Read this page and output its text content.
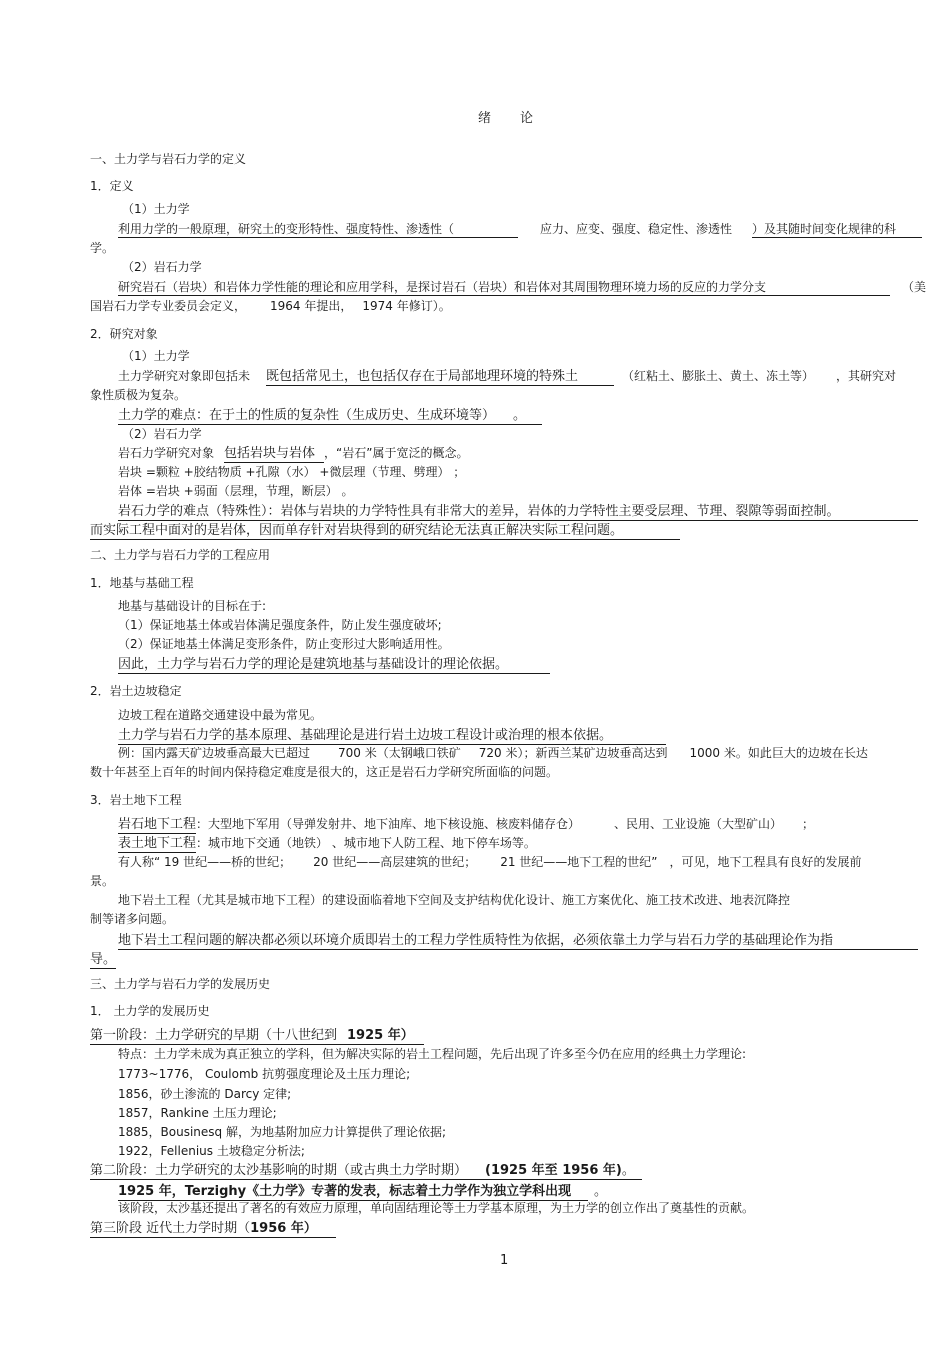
绪 论
一、土力学与岩石力学的定义
1．定义
（1）土力学
利用力学的一般原理，研究土的变形特性、强度特性、渗透性（	应力、应变、强度、稳定性、渗透性 ）及其随时间变化规律的科
学。
（2）岩石力学
研究岩石（岩块）和岩体力学性能的理论和应用学科，是探讨岩石（岩块）和岩体对其周围物理环境力场的反应的力学分支	（美
国岩石力学专业委员会定义， 1964 年提出， 1974 年修订）。
2．研究对象
（1）土力学
土力学研究对象即包括未 既包括常见土，也包括仅存在于局部地理环境的特殊土	（红粘土、膨胀土、黄土、冻土等） ，其研究对
象性质极为复杂。
土力学的难点：在于土的性质的复杂性（生成历史、生成环境等） 。
（2）岩石力学
岩石力学研究对象 包括岩块与岩体 ，“岩石”属于宽泛的概念。
岩块 =颗粒 +胶结物质 +孔隙（水） +微层理（节理、劈理） ；
岩体 =岩块 +弱面（层理，节理，断层） 。
岩石力学的难点（特殊性）：岩体与岩块的力学特性具有非常大的差异，岩体的力学特性主要受层理、节理、裂隙等弱面控制。
而实际工程中面对的是岩体，因而单存针对岩块得到的研究结论无法真正解决实际工程问题。
二、土力学与岩石力学的工程应用
1．地基与基础工程
地基与基础设计的目标在于:
（1）保证地基土体或岩体满足强度条件，防止发生强度破坏;
（2）保证地基土体满足变形条件，防止变形过大影响适用性。
因此，土力学与岩石力学的理论是建筑地基与基础设计的理论依据。
2．岩土边坡稳定
边坡工程在道路交通建设中最为常见。
土力学与岩石力学的基本原理、基础理论是进行岩土边坡工程设计或治理的根本依据。
例：国内露天矿边坡垂高最大已超过 700 米（太钢峨口铁矿 720 米）；新西兰某矿边坡垂高达到 1000 米。如此巨大的边坡在长达
数十年甚至上百年的时间内保持稳定难度是很大的，这正是岩石力学研究所面临的问题。
3．岩土地下工程
岩石地下工程：大型地下军用（导弹发射井、地下油库、地下核设施、核废料储存仓）	、民用、工业设施（大型矿山） ；
表土地下工程：城市地下交通（地铁） 、城市地下人防工程、地下停车场等。
有人称“ 19 世纪——桥的世纪； 20 世纪——高层建筑的世纪； 21 世纪——地下工程的世纪” ，可见，地下工程具有良好的发展前
景。
地下岩土工程（尤其是城市地下工程）的建设面临着地下空间及支护结构优化设计、施工方案优化、施工技术改进、地表沉降控
制等诸多问题。
地下岩土工程问题的解决都必须以环境介质即岩土的工程力学性质特性为依据，必须依靠土力学与岩石力学的基础理论作为指
导。
三、土力学与岩石力学的发展历史
1． 土力学的发展历史
第一阶段：土力学研究的早期（十八世纪到 1925 年）
特点：土力学未成为真正独立的学科，但为解决实际的岩土工程问题，先后出现了许多至今仍在应用的经典土力学理论:
1773~1776， Coulomb 抗剪强度理论及土压力理论;
1856，砂土渗流的 Darcy 定律;
1857，Rankine 土压力理论;
1885，Bousinesq 解，为地基附加应力计算提供了理论依据;
1922，Fellenius 土坡稳定分析法;
第二阶段：土力学研究的太沙基影响的时期（或古典土力学时期） (1925 年至 1956 年)。
1925 年，Terzighy《土力学》专著的发表，标志着土力学作为独立学科出现 。
该阶段，太沙基还提出了著名的有效应力原理，单向固结理论等土力学基本原理，为土力学的创立作出了奠基性的贡献。
第三阶段 近代土力学时期（1956 年）
1
